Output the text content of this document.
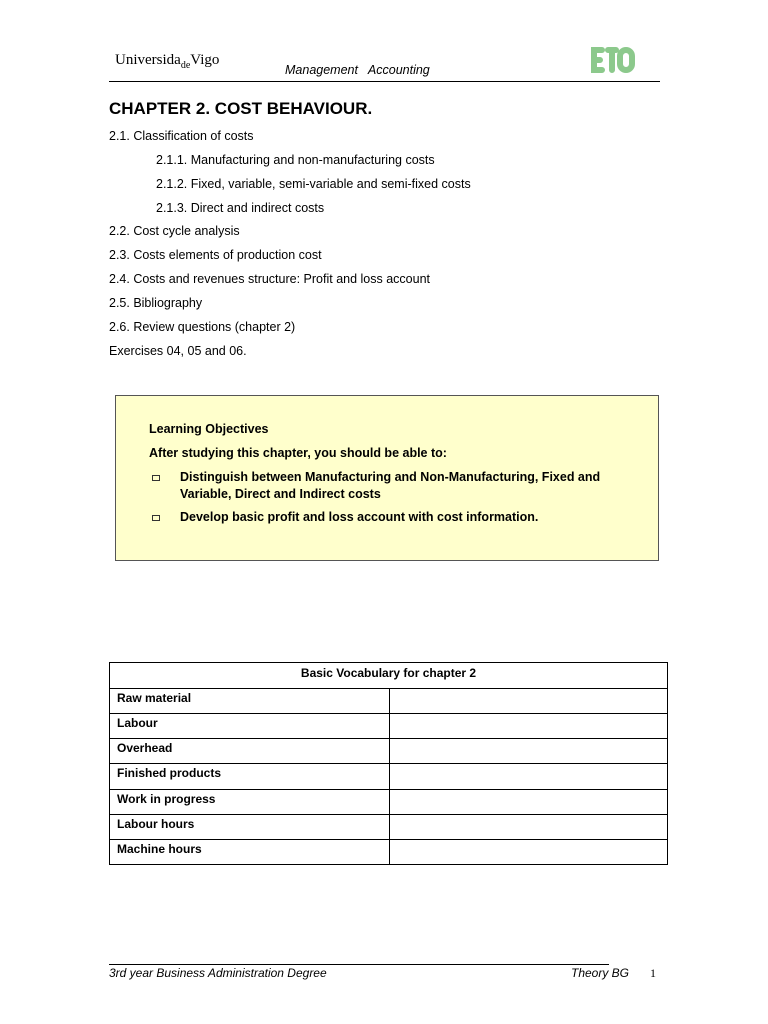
Universida$_{de}$Vigo
Management   Accounting
CHAPTER 2. COST BEHAVIOUR.
2.1. Classification of costs
2.1.1. Manufacturing and non-manufacturing costs
2.1.2. Fixed, variable, semi-variable and semi-fixed costs
2.1.3. Direct and indirect costs
2.2. Cost cycle analysis
2.3. Costs elements of production cost
2.4. Costs and revenues structure: Profit and loss account
2.5. Bibliography
2.6. Review questions (chapter 2)
Exercises 04, 05 and 06.
Learning Objectives
After studying this chapter, you should be able to:
Distinguish between Manufacturing and Non-Manufacturing, Fixed and Variable, Direct and Indirect costs
Develop basic profit and loss account with cost information.
Basic Vocabulary for chapter 2	
Raw material	
Labour	
Overhead	
Finished products	
Work in progress	
Labour hours	
Machine hours	
3rd year Business Administration Degree	Theory BG 1
